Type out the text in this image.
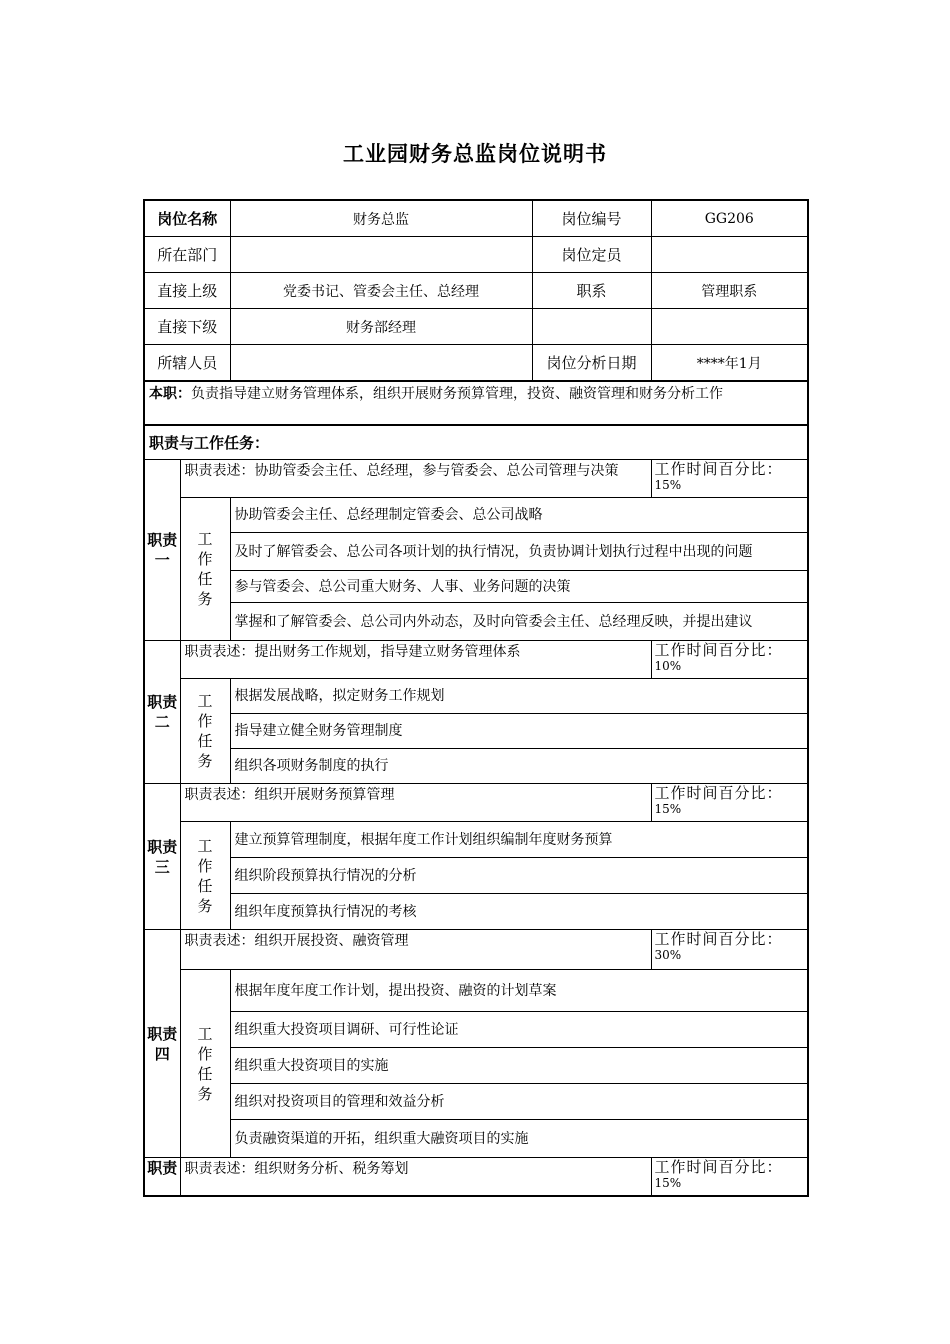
工业园财务总监岗位说明书
岗位名称		财务总监	岗位编号	GG206
所在部门			岗位定员	
直接上级		党委书记、管委会主任、总经理	职系	管理职系
直接下级		财务部经理		
所辖人员			岗位分析日期	****年1月
本职：负责指导建立财务管理体系，组织开展财务预算管理，投资、融资管理和财务分析工作				
职责与工作任务：				
职责一	职责表述：协助管委会主任、总经理，参与管委会、总公司管理与决策			工作时间百分比：
15%

	工作任务	协助管委会主任、总经理制定管委会、总公司战略		
		及时了解管委会、总公司各项计划的执行情况，负责协调计划执行过程中出现的问题		
		参与管委会、总公司重大财务、人事、业务问题的决策		
		掌握和了解管委会、总公司内外动态，及时向管委会主任、总经理反映，并提出建议		
职责二	职责表述：提出财务工作规划，指导建立财务管理体系			工作时间百分比：
10%

	工作任务	根据发展战略，拟定财务工作规划		
		指导建立健全财务管理制度		
		组织各项财务制度的执行		
职责三	职责表述：组织开展财务预算管理			工作时间百分比：
15%

	工作任务	建立预算管理制度，根据年度工作计划组织编制年度财务预算		
		组织阶段预算执行情况的分析		
		组织年度预算执行情况的考核		
职责四	职责表述：组织开展投资、融资管理			工作时间百分比：
30%

	工作任务	根据年度年度工作计划，提出投资、融资的计划草案		
		组织重大投资项目调研、可行性论证		
		组织重大投资项目的实施		
		组织对投资项目的管理和效益分析		
		负责融资渠道的开拓，组织重大融资项目的实施		
职责	职责表述：组织财务分析、税务筹划			工作时间百分比：
15%
